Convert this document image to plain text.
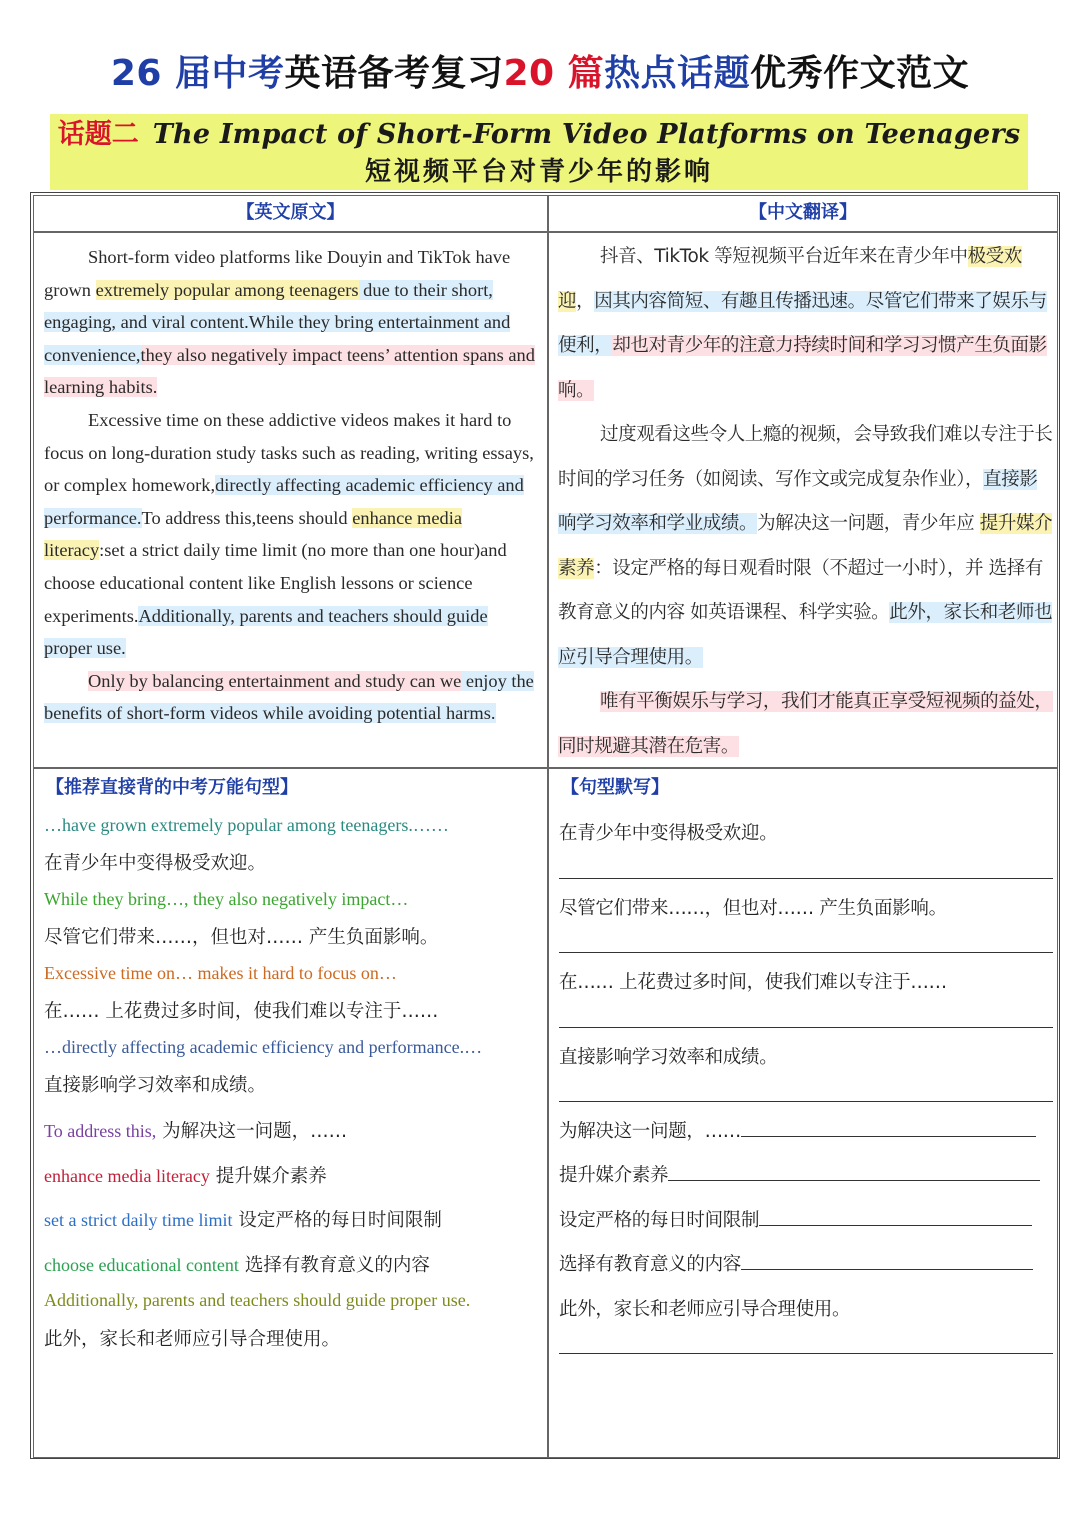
26 届中考英语备考复习20 篇热点话题优秀作文范文
话题二 The Impact of Short-Form Video Platforms on Teenagers
短视频平台对青少年的影响
【英文原文】	【中文翻译】

Short-form video platforms like Douyin and TikTok have grown extremely popular among teenagers due to their short, engaging, and viral content.While they bring entertainment and convenience,they also negatively impact teens’ attention spans and learning habits.

Excessive time on these addictive videos makes it hard to focus on long-duration study tasks such as reading, writing essays, or complex homework,directly affecting academic efficiency and performance.To address this,teens should enhance media literacy:set a strict daily time limit (no more than one hour)and choose educational content like English lessons or science experiments.Additionally, parents and teachers should guide proper use.

Only by balancing entertainment and study can we enjoy the benefits of short-form videos while avoiding potential harms.

抖音、TikTok 等短视频平台近年来在青少年中极受欢迎，因其内容简短、有趣且传播迅速。尽管它们带来了娱乐与便利，却也对青少年的注意力持续时间和学习习惯产生负面影响。

过度观看这些令人上瘾的视频，会导致我们难以专注于长时间的学习任务（如阅读、写作文或完成复杂作业），直接影响学习效率和学业成绩。为解决这一问题，青少年应 提升媒介素养：设定严格的每日观看时限（不超过一小时），并 选择有教育意义的内容 如英语课程、科学实验。此外，家长和老师也应引导合理使用。

唯有平衡娱乐与学习，我们才能真正享受短视频的益处，同时规避其潜在危害。

【推荐直接背的中考万能句型】
…have grown extremely popular among teenagers.……
在青少年中变得极受欢迎。
While they bring…, they also negatively impact…
尽管它们带来……，但也对…… 产生负面影响。
Excessive time on… makes it hard to focus on…
在…… 上花费过多时间，使我们难以专注于……
…directly affecting academic efficiency and performance.…
直接影响学习效率和成绩。
To address this, 为解决这一问题，……
enhance media literacy 提升媒介素养
set a strict daily time limit 设定严格的每日时间限制
choose educational content 选择有教育意义的内容
Additionally, parents and teachers should guide proper use.
此外，家长和老师应引导合理使用。
【句型默写】
在青少年中变得极受欢迎。
尽管它们带来……，但也对…… 产生负面影响。
在…… 上花费过多时间，使我们难以专注于……
直接影响学习效率和成绩。
为解决这一问题，……
提升媒介素养
设定严格的每日时间限制
选择有教育意义的内容
此外，家长和老师应引导合理使用。
